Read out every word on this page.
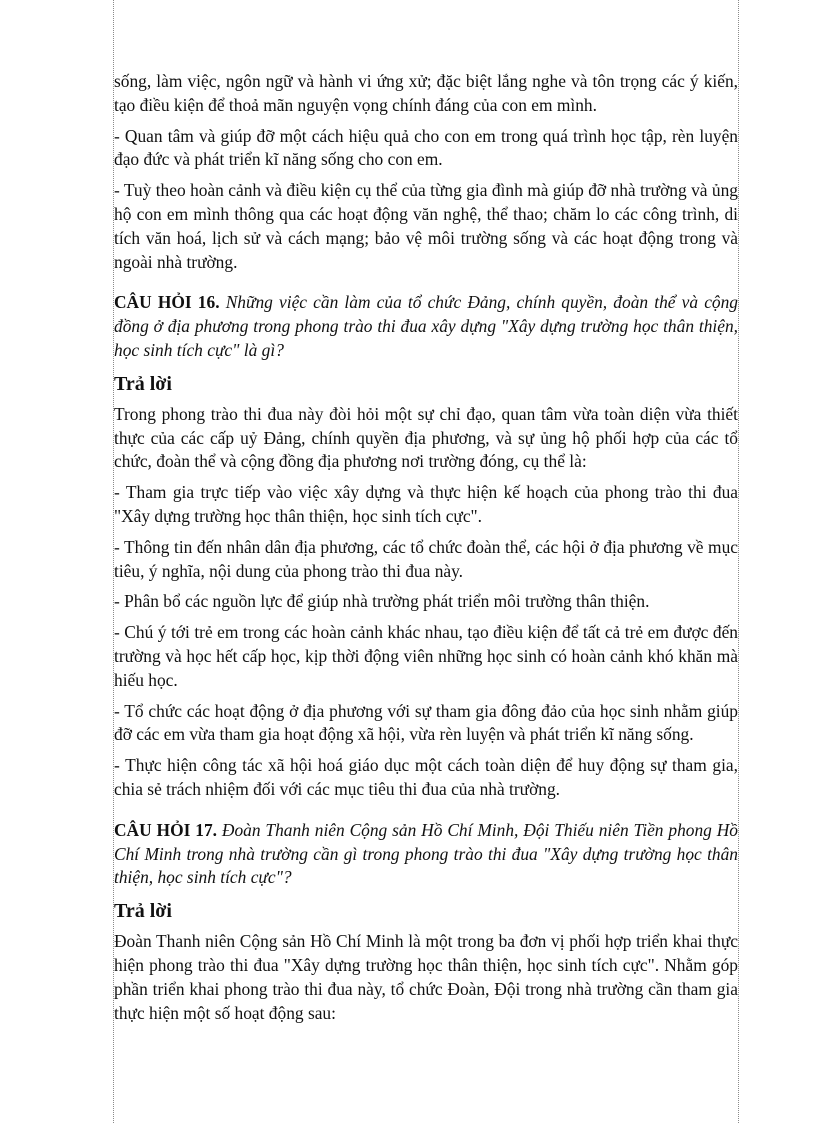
sống, làm việc, ngôn ngữ và hành vi ứng xử; đặc biệt lắng nghe và tôn trọng các ý kiến, tạo điều kiện để thoả mãn nguyện vọng chính đáng của con em mình.

- Quan tâm và giúp đỡ một cách hiệu quả cho con em trong quá trình học tập, rèn luyện đạo đức và phát triển kĩ năng sống cho con em.

- Tuỳ theo hoàn cảnh và điều kiện cụ thể của từng gia đình mà giúp đỡ nhà trường và ủng hộ con em mình thông qua các hoạt động văn nghệ, thể thao; chăm lo các công trình, di tích văn hoá, lịch sử và cách mạng; bảo vệ môi trường sống và các hoạt động trong và ngoài nhà trường.

CÂU HỎI 16. Những việc cần làm của tổ chức Đảng, chính quyền, đoàn thể và cộng đồng ở địa phương trong phong trào thi đua xây dựng "Xây dựng trường học thân thiện, học sinh tích cực" là gì?

Trả lời

Trong phong trào thi đua này đòi hỏi một sự chỉ đạo, quan tâm vừa toàn diện vừa thiết thực của các cấp uỷ Đảng, chính quyền địa phương, và sự ủng hộ phối hợp của các tổ chức, đoàn thể và cộng đồng địa phương nơi trường đóng, cụ thể là:

- Tham gia trực tiếp vào việc xây dựng và thực hiện kế hoạch của phong trào thi đua "Xây dựng trường học thân thiện, học sinh tích cực".

- Thông tin đến nhân dân địa phương, các tổ chức đoàn thể, các hội ở địa phương về mục tiêu, ý nghĩa, nội dung của phong trào thi đua này.

- Phân bổ các nguồn lực để giúp nhà trường phát triển môi trường thân thiện.

- Chú ý tới trẻ em trong các hoàn cảnh khác nhau, tạo điều kiện để tất cả trẻ em được đến trường và học hết cấp học, kịp thời động viên những học sinh có hoàn cảnh khó khăn mà hiếu học.

- Tổ chức các hoạt động ở địa phương với sự tham gia đông đảo của học sinh nhằm giúp đỡ các em vừa tham gia hoạt động xã hội, vừa rèn luyện và phát triển kĩ năng sống.

- Thực hiện công tác xã hội hoá giáo dục một cách toàn diện để huy động sự tham gia, chia sẻ trách nhiệm đối với các mục tiêu thi đua của nhà trường.

CÂU HỎI 17. Đoàn Thanh niên Cộng sản Hồ Chí Minh, Đội Thiếu niên Tiền phong Hồ Chí Minh trong nhà trường cần gì trong phong trào thi đua "Xây dựng trường học thân thiện, học sinh tích cực"?

Trả lời

Đoàn Thanh niên Cộng sản Hồ Chí Minh là một trong ba đơn vị phối hợp triển khai thực hiện phong trào thi đua "Xây dựng trường học thân thiện, học sinh tích cực". Nhằm góp phần triển khai phong trào thi đua này, tổ chức Đoàn, Đội trong nhà trường cần tham gia thực hiện một số hoạt động sau:
